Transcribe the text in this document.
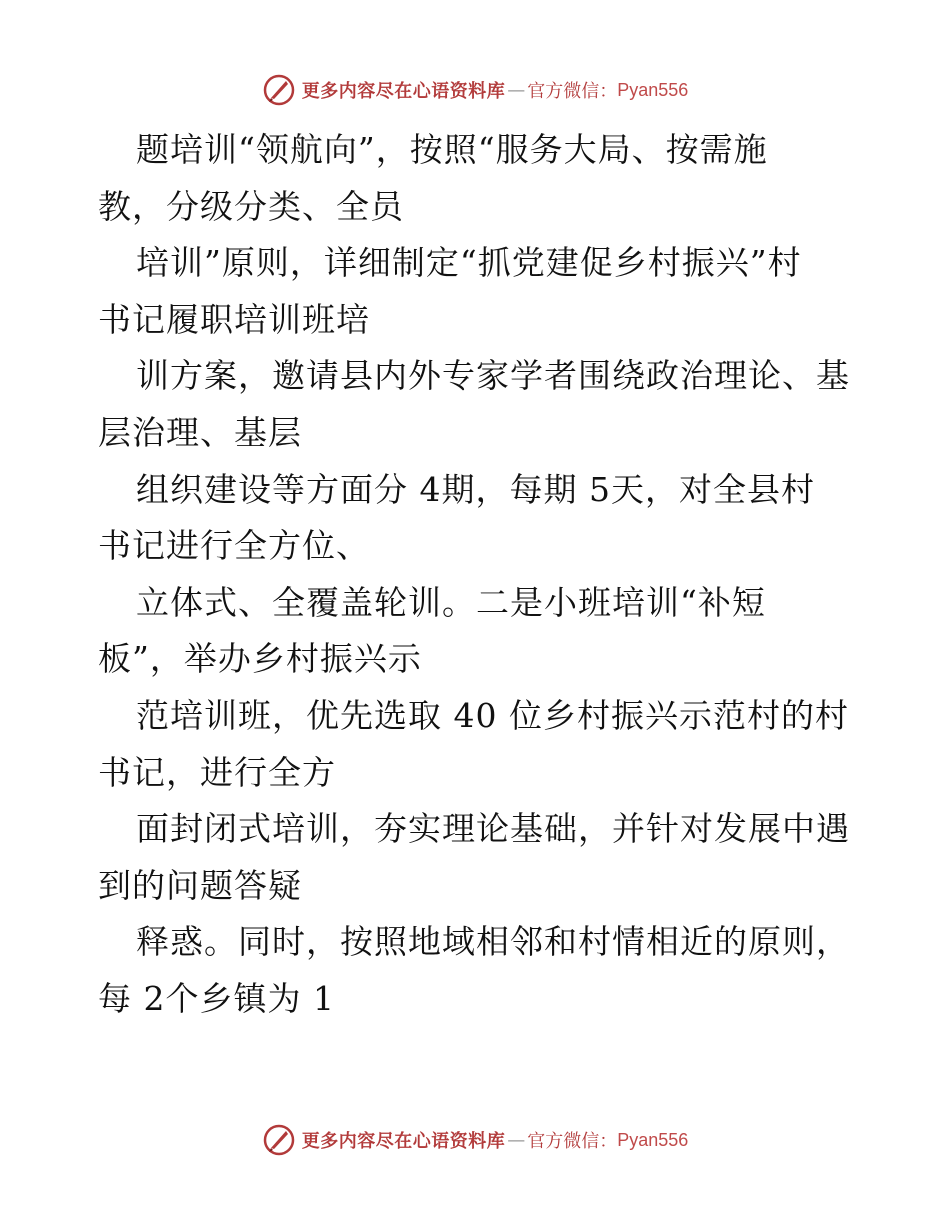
更多内容尽在心语资料库 — 官方微信： Pyan556
题培训“领航向”，按照“服务大局、按需施
教，分级分类、全员
培训”原则，详细制定“抓党建促乡村振兴”村
书记履职培训班培
训方案，邀请县内外专家学者围绕政治理论、基
层治理、基层
组织建设等方面分 4期，每期 5天，对全县村
书记进行全方位、
立体式、全覆盖轮训。二是小班培训“补短
板”，举办乡村振兴示
范培训班，优先选取 40 位乡村振兴示范村的村
书记，进行全方
面封闭式培训，夯实理论基础，并针对发展中遇
到的问题答疑
释惑。同时，按照地域相邻和村情相近的原则，
每 2个乡镇为 1
更多内容尽在心语资料库 — 官方微信： Pyan556
